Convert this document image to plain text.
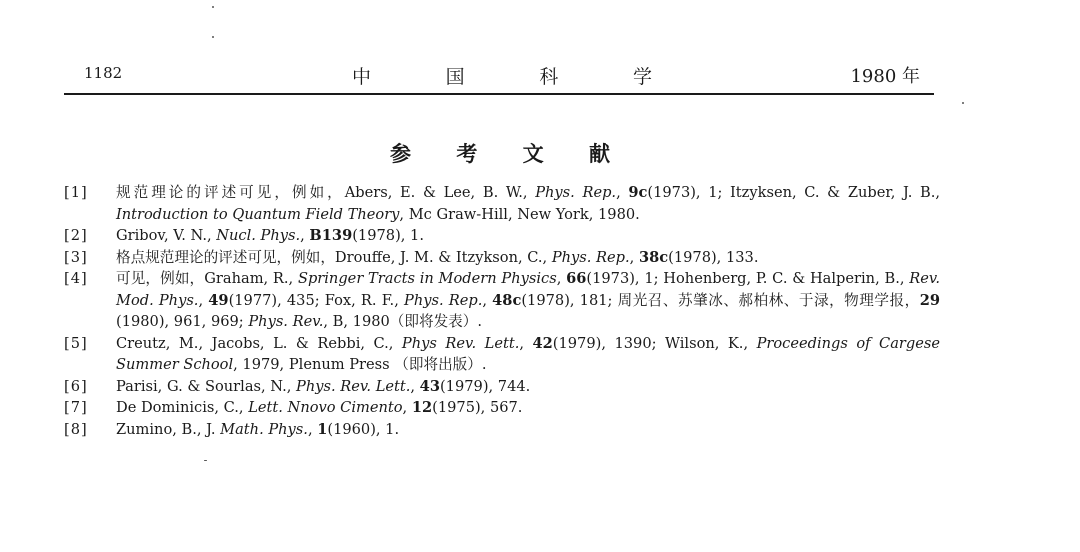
1182	中	国	科	学	1980 年
参 考 文 献
[1] 规范理论的评述可见，例如，Abers, E. & Lee, B. W., Phys. Rep., 9c(1973), 1; Itzyksen, C. & Zuber, J. B., Introduction to Quantum Field Theory, Mc Graw-Hill, New York, 1980.
[2] Gribov, V. N., Nucl. Phys., B139(1978), 1.
[3] 格点规范理论的评述可见，例如，Drouffe, J. M. & Itzykson, C., Phys. Rep., 38c(1978), 133.
[4] 可见，例如，Graham, R., Springer Tracts in Modern Physics, 66(1973), 1; Hohenberg, P. C. & Halperin, B., Rev. Mod. Phys., 49(1977), 435; Fox, R. F., Phys. Rep., 48c(1978), 181; 周光召、苏肇冰、郝柏林、于渌，物理学报，29 (1980), 961, 969; Phys. Rev., B, 1980（即将发表）.
[5] Creutz, M., Jacobs, L. & Rebbi, C., Phys Rev. Lett., 42(1979), 1390; Wilson, K., Proceedings of Cargese Summer School, 1979, Plenum Press （即将出版）.
[6] Parisi, G. & Sourlas, N., Phys. Rev. Lett., 43(1979), 744.
[7] De Dominicis, C., Lett. Nnovo Cimento, 12(1975), 567.
[8] Zumino, B., J. Math. Phys., 1(1960), 1.
